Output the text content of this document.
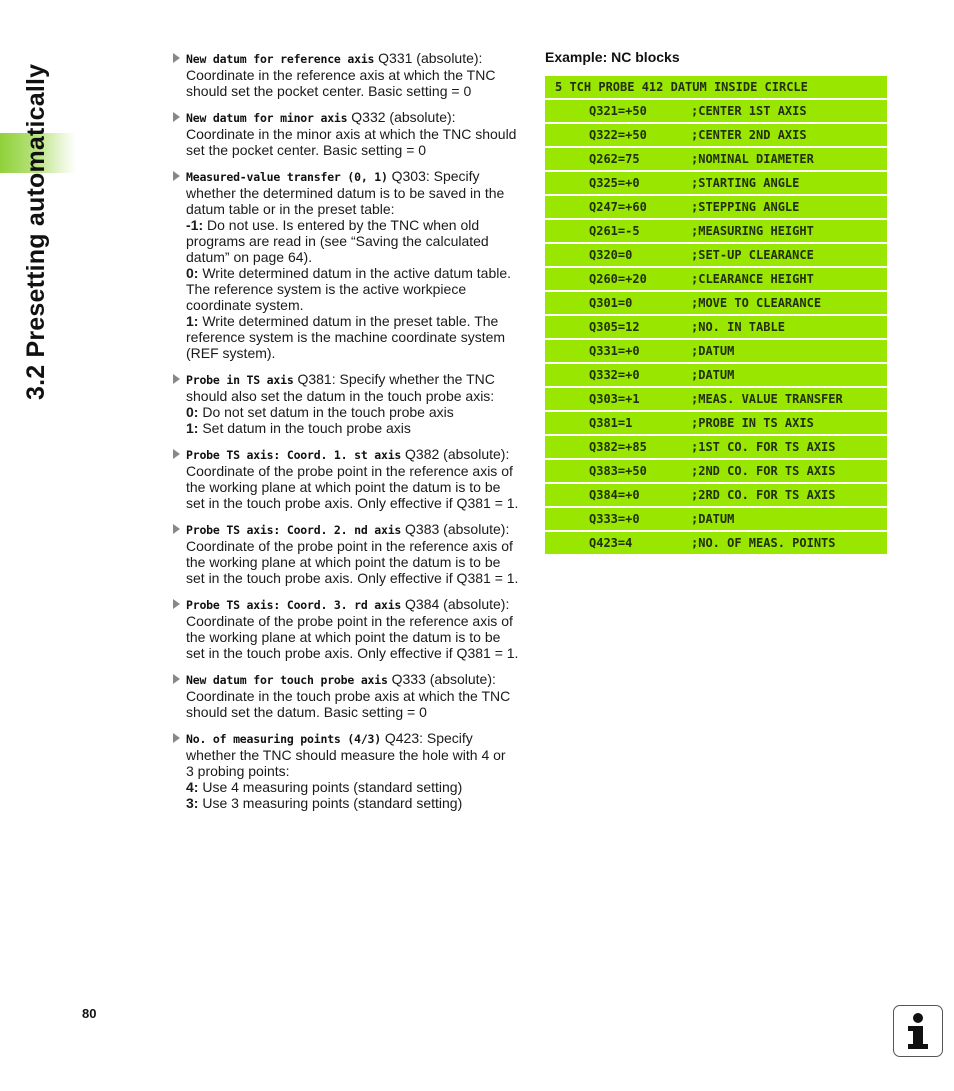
3.2 Presetting automatically
New datum for reference axis Q331 (absolute):
Coordinate in the reference axis at which the TNC
should set the pocket center. Basic setting = 0
New datum for minor axis Q332 (absolute):
Coordinate in the minor axis at which the TNC should
set the pocket center. Basic setting = 0
Measured-value transfer (0, 1) Q303: Specify
whether the determined datum is to be saved in the
datum table or in the preset table:
-1: Do not use. Is entered by the TNC when old
programs are read in (see “Saving the calculated
datum” on page 64).
0: Write determined datum in the active datum table.
The reference system is the active workpiece
coordinate system.
1: Write determined datum in the preset table. The
reference system is the machine coordinate system
(REF system).
Probe in TS axis Q381: Specify whether the TNC
should also set the datum in the touch probe axis:
0: Do not set datum in the touch probe axis
1: Set datum in the touch probe axis
Probe TS axis: Coord. 1. st axis Q382 (absolute):
Coordinate of the probe point in the reference axis of
the working plane at which point the datum is to be
set in the touch probe axis. Only effective if Q381 = 1.
Probe TS axis: Coord. 2. nd axis Q383 (absolute):
Coordinate of the probe point in the reference axis of
the working plane at which point the datum is to be
set in the touch probe axis. Only effective if Q381 = 1.
Probe TS axis: Coord. 3. rd axis Q384 (absolute):
Coordinate of the probe point in the reference axis of
the working plane at which point the datum is to be
set in the touch probe axis. Only effective if Q381 = 1.
New datum for touch probe axis Q333 (absolute):
Coordinate in the touch probe axis at which the TNC
should set the datum. Basic setting = 0
No. of measuring points (4/3) Q423: Specify
whether the TNC should measure the hole with 4 or
3 probing points:
4: Use 4 measuring points (standard setting)
3: Use 3 measuring points (standard setting)
Example: NC blocks
5 TCH PROBE 412 DATUM INSIDE CIRCLE
Q321=+50	;CENTER 1ST AXIS
Q322=+50	;CENTER 2ND AXIS
Q262=75	;NOMINAL DIAMETER
Q325=+0	;STARTING ANGLE
Q247=+60	;STEPPING ANGLE
Q261=-5	;MEASURING HEIGHT
Q320=0	;SET-UP CLEARANCE
Q260=+20	;CLEARANCE HEIGHT
Q301=0	;MOVE TO CLEARANCE
Q305=12	;NO. IN TABLE
Q331=+0	;DATUM
Q332=+0	;DATUM
Q303=+1	;MEAS. VALUE TRANSFER
Q381=1	;PROBE IN TS AXIS
Q382=+85	;1ST CO. FOR TS AXIS
Q383=+50	;2ND CO. FOR TS AXIS
Q384=+0	;2RD CO. FOR TS AXIS
Q333=+0	;DATUM
Q423=4	;NO. OF MEAS. POINTS
80
